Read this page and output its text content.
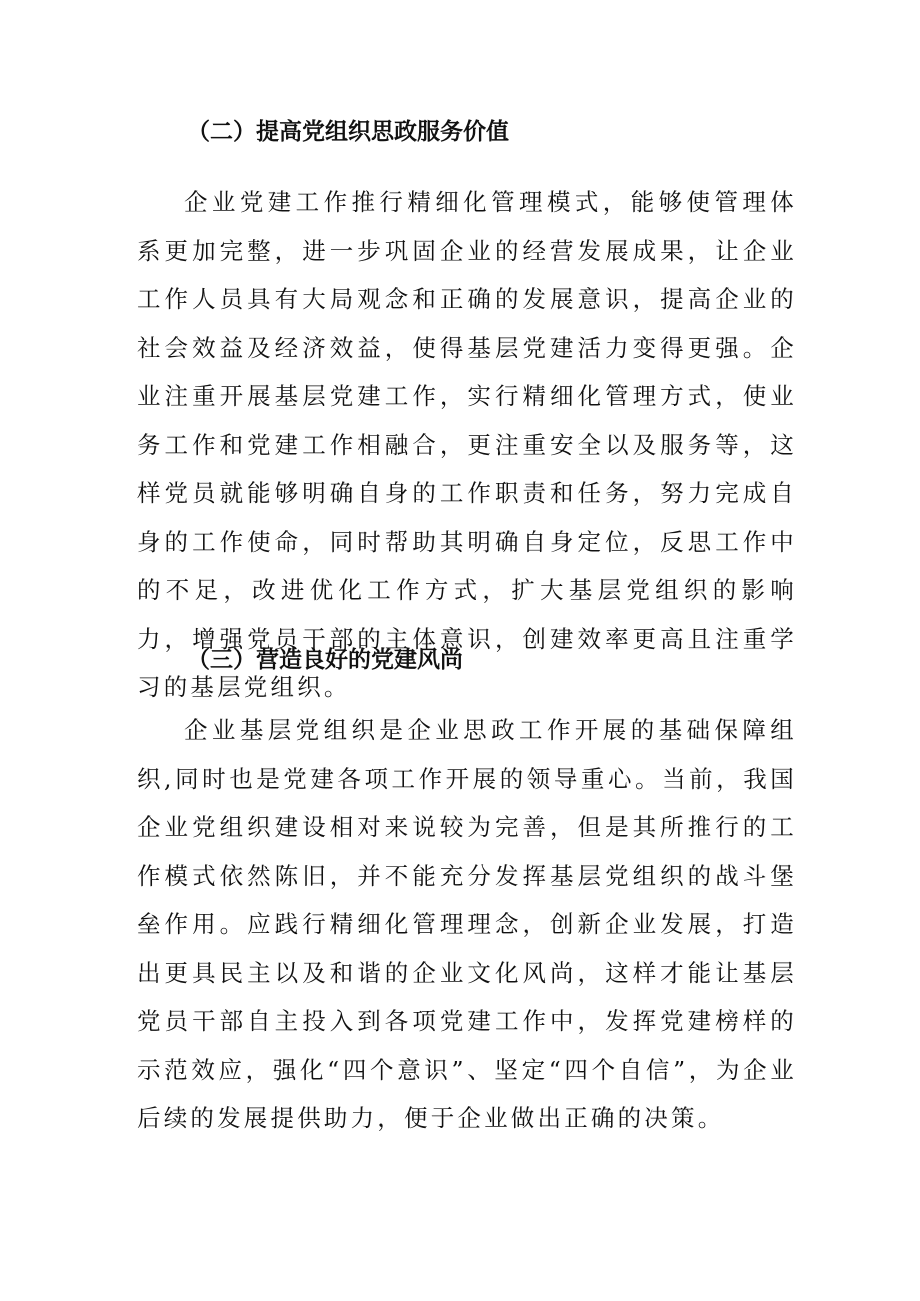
（二）提高党组织思政服务价值

企业党建工作推行精细化管理模式，能够使管理体系更加完整，进一步巩固企业的经营发展成果，让企业工作人员具有大局观念和正确的发展意识，提高企业的社会效益及经济效益，使得基层党建活力变得更强。企业注重开展基层党建工作，实行精细化管理方式，使业务工作和党建工作相融合，更注重安全以及服务等，这样党员就能够明确自身的工作职责和任务，努力完成自身的工作使命，同时帮助其明确自身定位，反思工作中的不足，改进优化工作方式，扩大基层党组织的影响力，增强党员干部的主体意识，创建效率更高且注重学习的基层党组织。

（三）营造良好的党建风尚

企业基层党组织是企业思政工作开展的基础保障组织,同时也是党建各项工作开展的领导重心。当前，我国企业党组织建设相对来说较为完善，但是其所推行的工作模式依然陈旧，并不能充分发挥基层党组织的战斗堡垒作用。应践行精细化管理理念，创新企业发展，打造出更具民主以及和谐的企业文化风尚，这样才能让基层党员干部自主投入到各项党建工作中，发挥党建榜样的示范效应，强化“四个意识”、坚定“四个自信”，为企业后续的发展提供助力，便于企业做出正确的决策。
